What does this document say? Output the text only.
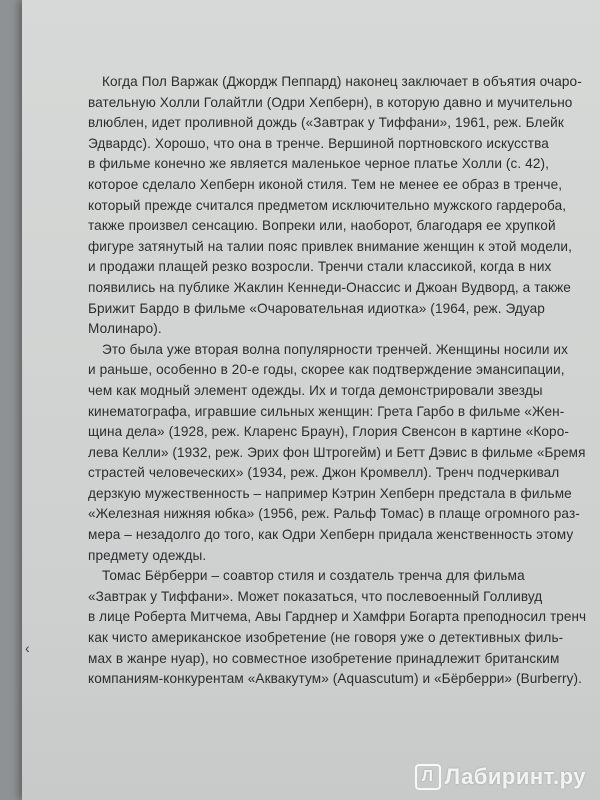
‹

Когда Пол Варжак (Джордж Пеппард) наконец заключает в объятия очаро-
вательную Холли Голайтли (Одри Хепберн), в которую давно и мучительно
влюблен, идет проливной дождь («Завтрак у Тиффани», 1961, реж. Блейк
Эдвардс). Хорошо, что она в тренче. Вершиной портновского искусства
в фильме конечно же является маленькое черное платье Холли (с. 42),
которое сделало Хепберн иконой стиля. Тем не менее ее образ в тренче,
который прежде считался предметом исключительно мужского гардероба,
также произвел сенсацию. Вопреки или, наоборот, благодаря ее хрупкой
фигуре затянутый на талии пояс привлек внимание женщин к этой модели,
и продажи плащей резко возросли. Тренчи стали классикой, когда в них
появились на публике Жаклин Кеннеди-Онассис и Джоан Вудворд, а также
Брижит Бардо в фильме «Очаровательная идиотка» (1964, реж. Эдуар
Молинаро).

Это была уже вторая волна популярности тренчей. Женщины носили их
и раньше, особенно в 20-е годы, скорее как подтверждение эмансипации,
чем как модный элемент одежды. Их и тогда демонстрировали звезды
кинематографа, игравшие сильных женщин: Грета Гарбо в фильме «Жен-
щина дела» (1928, реж. Кларенс Браун), Глория Свенсон в картине «Коро-
лева Келли» (1932, реж. Эрих фон Штрогейм) и Бетт Дэвис в фильме «Бремя
страстей человеческих» (1934, реж. Джон Кромвелл). Тренч подчеркивал
дерзкую мужественность – например Кэтрин Хепберн предстала в фильме
«Железная нижняя юбка» (1956, реж. Ральф Томас) в плаще огромного раз-
мера – незадолго до того, как Одри Хепберн придала женственность этому
предмету одежды.

Томас Бёрберри – соавтор стиля и создатель тренча для фильма
«Завтрак у Тиффани». Может показаться, что послевоенный Голливуд
в лице Роберта Митчема, Авы Гарднер и Хамфри Богарта преподносил тренч
как чисто американское изобретение (не говоря уже о детективных филь-
мах в жанре нуар), но совместное изобретение принадлежит британским
компаниям-конкурентам «Аквакутум» (Aquascutum) и «Бёрберри» (Burberry).

Л Лабиринт.ру
